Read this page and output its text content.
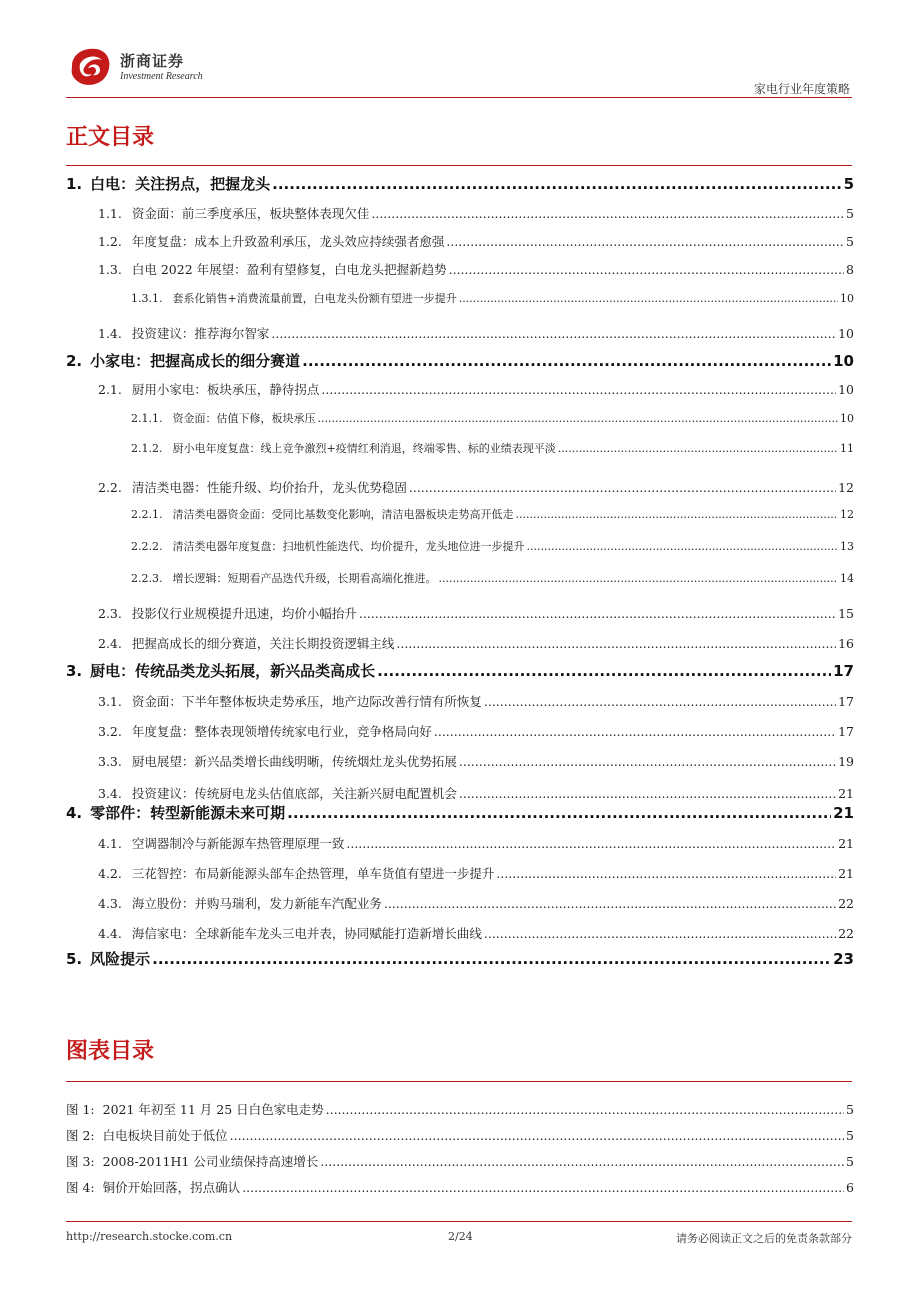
浙商证券
Investment Research
家电行业年度策略
正文目录
1. 白电：关注拐点，把握龙头 .....	5
1.1. 资金面：前三季度承压，板块整体表现欠佳 .....	5
1.2. 年度复盘：成本上升致盈利承压，龙头效应持续强者愈强 .....	5
1.3. 白电 2022 年展望：盈利有望修复，白电龙头把握新趋势 .....	8
1.3.1. 套系化销售+消费流量前置，白电龙头份额有望进一步提升 .....	10
1.4. 投资建议：推荐海尔智家 .....	10
2. 小家电：把握高成长的细分赛道 .....	10
2.1. 厨用小家电：板块承压，静待拐点 .....	10
2.1.1. 资金面：估值下修，板块承压 .....	10
2.1.2. 厨小电年度复盘：线上竞争激烈+疫情红利消退，终端零售、标的业绩表现平淡 .....	11
2.2. 清洁类电器：性能升级、均价抬升，龙头优势稳固 .....	12
2.2.1. 清洁类电器资金面：受同比基数变化影响，清洁电器板块走势高开低走 .....	12
2.2.2. 清洁类电器年度复盘：扫地机性能迭代、均价提升，龙头地位进一步提升 .....	13
2.2.3. 增长逻辑：短期看产品迭代升级，长期看高端化推进。 .....	14
2.3. 投影仪行业规模提升迅速，均价小幅抬升 .....	15
2.4. 把握高成长的细分赛道，关注长期投资逻辑主线 .....	16
3. 厨电：传统品类龙头拓展，新兴品类高成长 .....	17
3.1. 资金面：下半年整体板块走势承压，地产边际改善行情有所恢复 .....	17
3.2. 年度复盘：整体表现领增传统家电行业，竞争格局向好 .....	17
3.3. 厨电展望：新兴品类增长曲线明晰，传统烟灶龙头优势拓展 .....	19
3.4. 投资建议：传统厨电龙头估值底部，关注新兴厨电配置机会 .....	21
4. 零部件：转型新能源未来可期 .....	21
4.1. 空调器制冷与新能源车热管理原理一致 .....	21
4.2. 三花智控：布局新能源头部车企热管理，单车货值有望进一步提升 .....	21
4.3. 海立股份：并购马瑞利，发力新能车汽配业务 .....	22
4.4. 海信家电：全球新能车龙头三电并表，协同赋能打造新增长曲线 .....	22
5. 风险提示 .....	23
图表目录
图 1: 2021 年初至 11 月 25 日白色家电走势 .....	5
图 2: 白电板块目前处于低位 .....	5
图 3: 2008-2011H1 公司业绩保持高速增长 .....	5
图 4: 铜价开始回落，拐点确认 .....	6
http://research.stocke.com.cn	2/24	请务必阅读正文之后的免责条款部分
